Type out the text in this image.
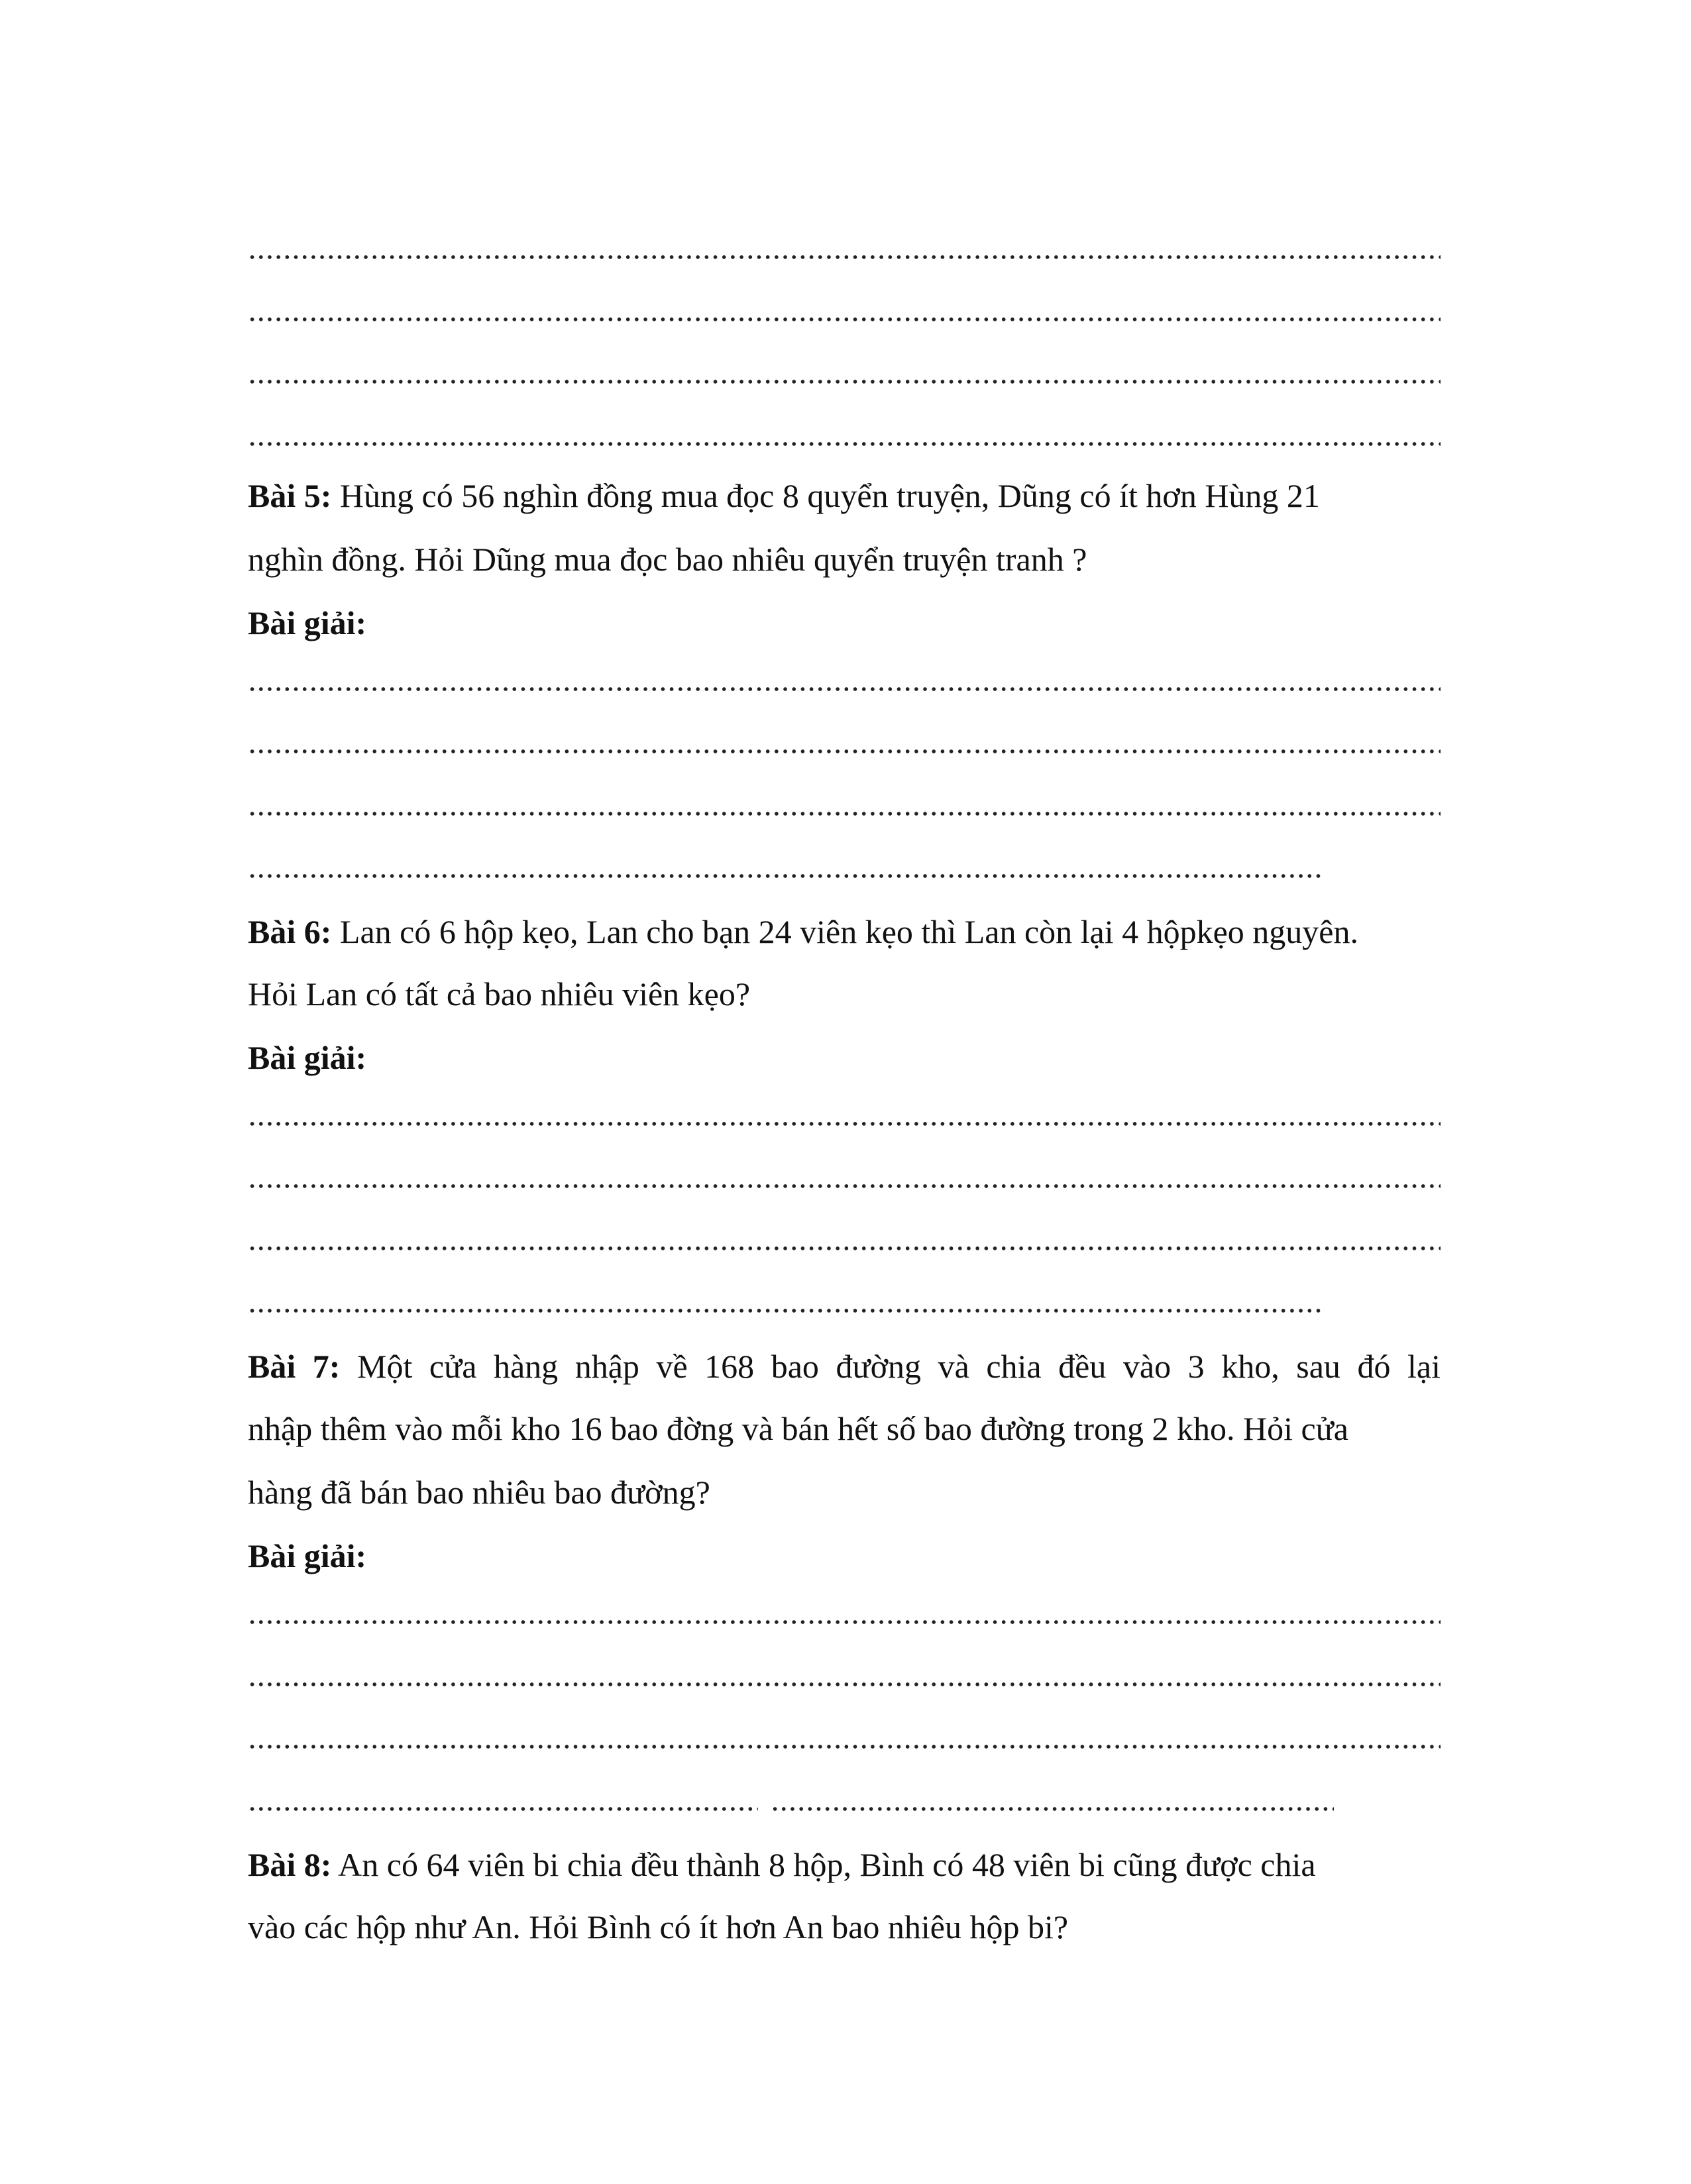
Bài 5: Hùng có 56 nghìn đồng mua đọc 8 quyển truyện, Dũng có ít hơn Hùng 21
nghìn đồng. Hỏi Dũng mua đọc bao nhiêu quyển truyện tranh ?
Bài giải:
Bài 6: Lan có 6 hộp kẹo, Lan cho bạn 24 viên kẹo thì Lan còn lại 4 hộpkẹo nguyên.
Hỏi Lan có tất cả bao nhiêu viên kẹo?
Bài giải:
Bài 7: Một cửa hàng nhập về 168 bao đường và chia đều vào 3 kho, sau đó lại
nhập thêm vào mỗi kho 16 bao đờng và bán hết số bao đường trong 2 kho. Hỏi cửa
hàng đã bán bao nhiêu bao đường?
Bài giải:
Bài 8: An có 64 viên bi chia đều thành 8 hộp, Bình có 48 viên bi cũng được chia
vào các hộp như An. Hỏi Bình có ít hơn An bao nhiêu hộp bi?
